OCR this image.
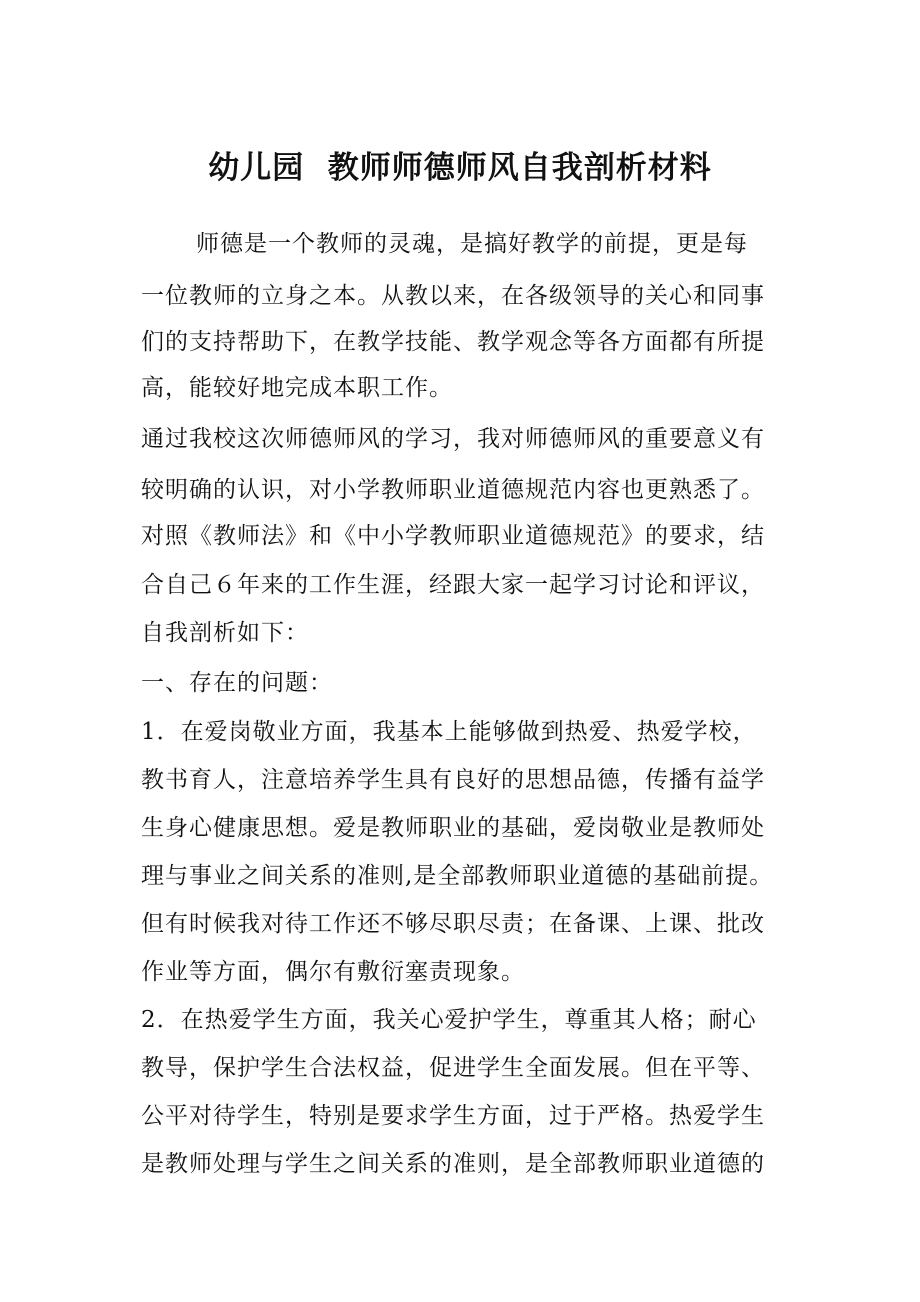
幼儿园  教师师德师风自我剖析材料
师德是一个教师的灵魂，是搞好教学的前提，更是每
一位教师的立身之本。从教以来，在各级领导的关心和同事
们的支持帮助下，在教学技能、教学观念等各方面都有所提
高，能较好地完成本职工作。
通过我校这次师德师风的学习，我对师德师风的重要意义有
较明确的认识，对小学教师职业道德规范内容也更熟悉了。
对照《教师法》和《中小学教师职业道德规范》的要求，结
合自己６年来的工作生涯，经跟大家一起学习讨论和评议，
自我剖析如下：
一、存在的问题：
1．在爱岗敬业方面，我基本上能够做到热爱、热爱学校，
教书育人，注意培养学生具有良好的思想品德，传播有益学
生身心健康思想。爱是教师职业的基础，爱岗敬业是教师处
理与事业之间关系的准则,是全部教师职业道德的基础前提。
但有时候我对待工作还不够尽职尽责；在备课、上课、批改
作业等方面，偶尔有敷衍塞责现象。
2．在热爱学生方面，我关心爱护学生，尊重其人格；耐心
教导，保护学生合法权益，促进学生全面发展。但在平等、
公平对待学生，特别是要求学生方面，过于严格。热爱学生
是教师处理与学生之间关系的准则，是全部教师职业道德的
